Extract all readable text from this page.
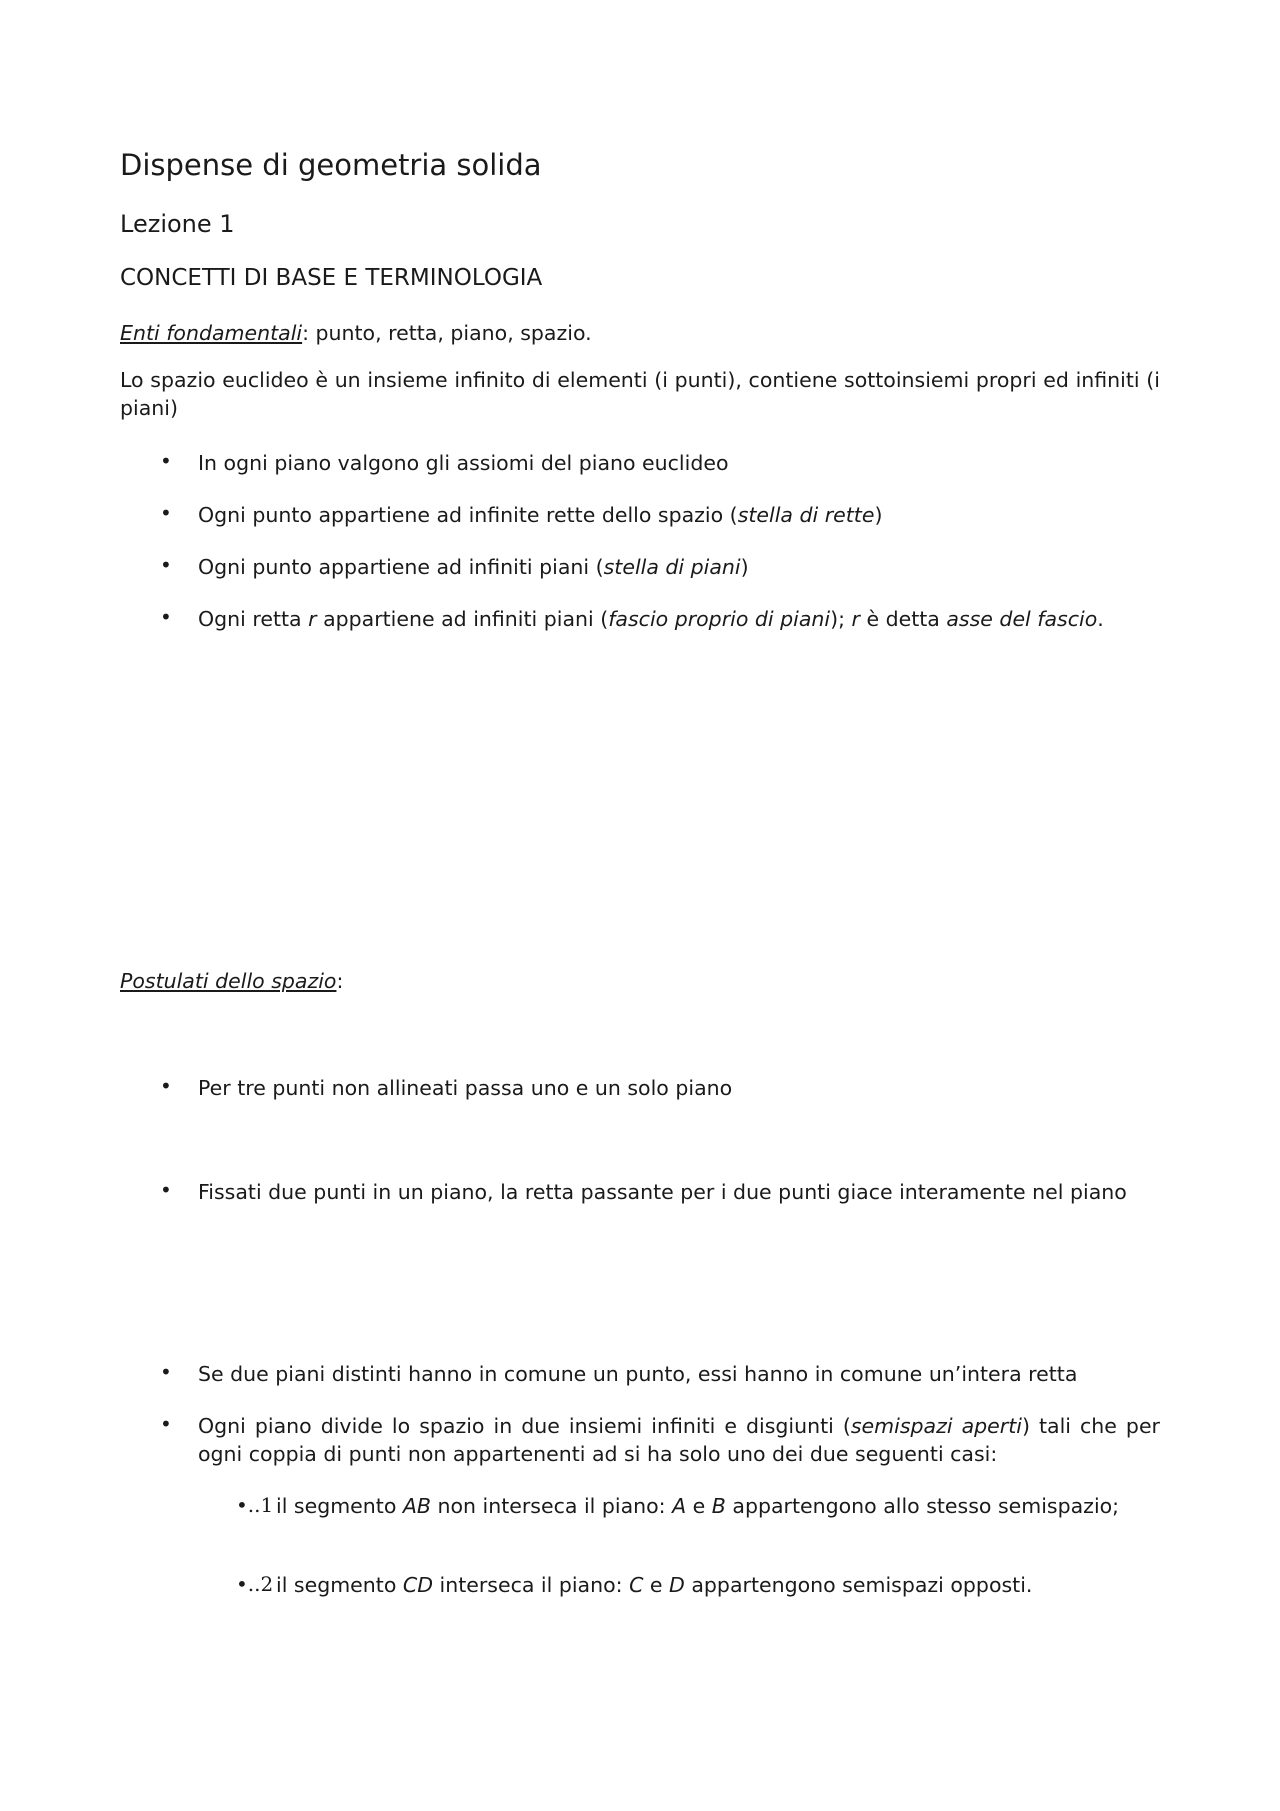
Dispense di geometria solida
Lezione 1
CONCETTI DI BASE E TERMINOLOGIA

Enti fondamentali: punto, retta, piano, spazio.

Lo spazio euclideo è un insieme infinito di elementi (i punti), contiene sottoinsiemi propri ed infiniti (i piani)

• In ogni piano valgono gli assiomi del piano euclideo

• Ogni punto appartiene ad infinite rette dello spazio (stella di rette)

• Ogni punto appartiene ad infiniti piani (stella di piani)

• Ogni retta r appartiene ad infiniti piani (fascio proprio di piani); r è detta asse del fascio.

Postulati dello spazio:

• Per tre punti non allineati passa uno e un solo piano

• Fissati due punti in un piano, la retta passante per i due punti giace interamente nel piano

• Se due piani distinti hanno in comune un punto, essi hanno in comune un’intera retta

• Ogni piano divide lo spazio in due insiemi infiniti e disgiunti (semispazi aperti) tali che per ogni coppia di punti non appartenenti ad si ha solo uno dei due seguenti casi:

•..1 il segmento AB non interseca il piano: A e B appartengono allo stesso semispazio;

•..2 il segmento CD interseca il piano: C e D appartengono semispazi opposti.
